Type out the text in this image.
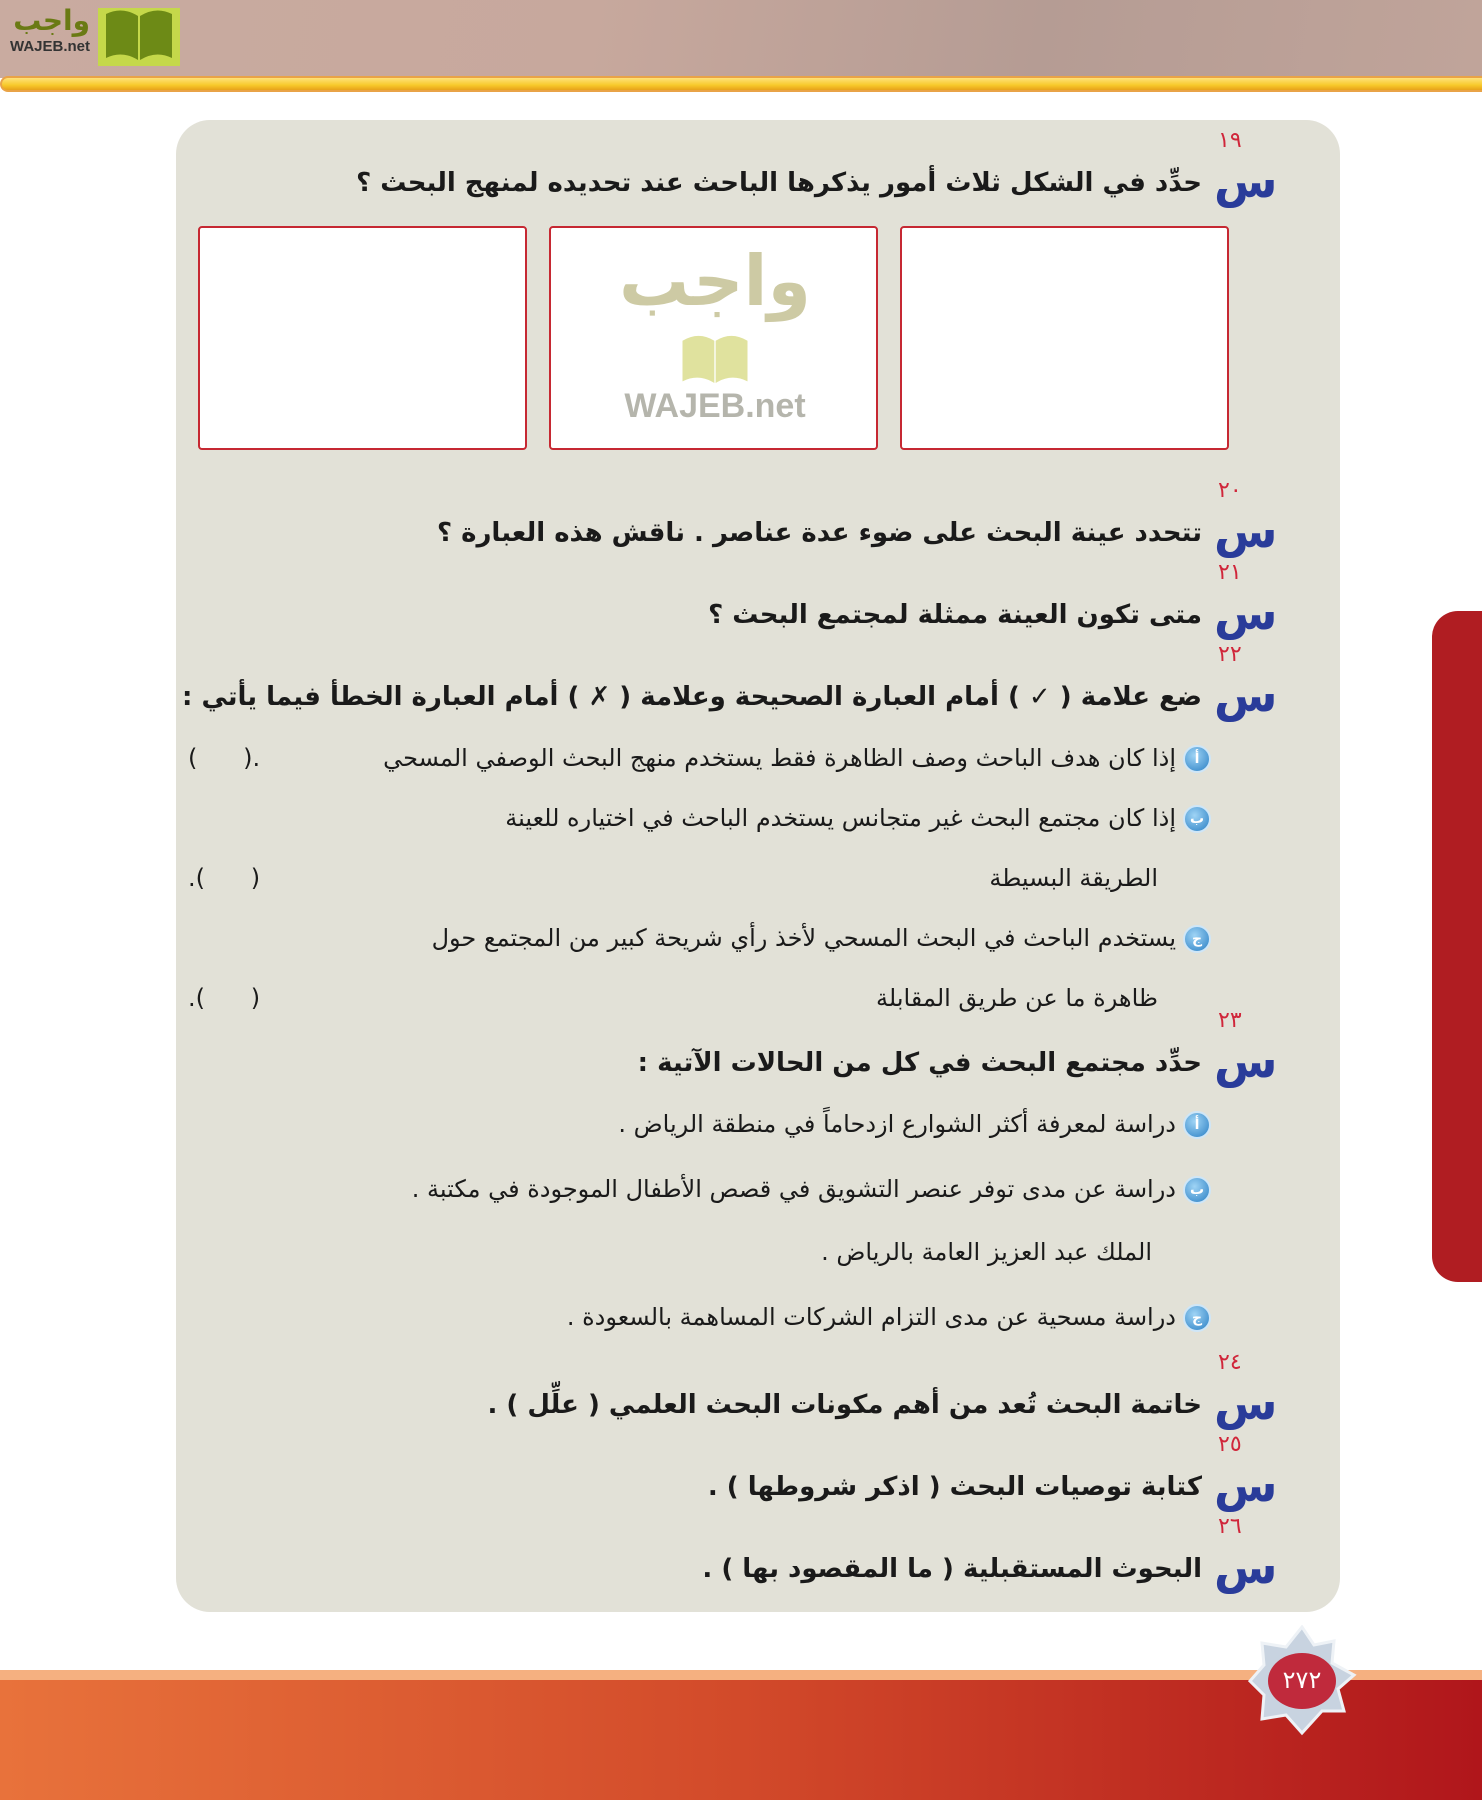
واجب
WAJEB.net
س
١٩
حدِّد في الشكل ثلاث أمور يذكرها الباحث عند تحديده لمنهج البحث ؟
واجب
WAJEB.net
س
٢٠
تتحدد عينة البحث على ضوء عدة عناصر . ناقش هذه العبارة ؟
س
٢١
متى تكون العينة ممثلة لمجتمع البحث ؟
س
٢٢
ضع علامة ( ✓ ) أمام العبارة الصحيحة وعلامة ( ✗ ) أمام العبارة الخطأ فيما يأتي :
أ
إذا كان هدف الباحث وصف الظاهرة فقط يستخدم منهج البحث الوصفي المسحي
(      ).
ب
إذا كان مجتمع البحث غير متجانس يستخدم الباحث في اختياره للعينة
الطريقة البسيطة
.(      )
ج
يستخدم الباحث في البحث المسحي لأخذ رأي شريحة كبير من المجتمع حول
ظاهرة ما عن طريق المقابلة
.(      )
س
٢٣
حدِّد مجتمع البحث في كل من الحالات الآتية :
أ
دراسة لمعرفة أكثر الشوارع ازدحاماً في منطقة الرياض .
ب
دراسة عن مدى توفر عنصر التشويق في قصص الأطفال الموجودة في مكتبة .
الملك عبد العزيز العامة بالرياض .
ج
دراسة مسحية عن مدى التزام الشركات المساهمة بالسعودة .
س
٢٤
خاتمة البحث تُعد من أهم مكونات البحث العلمي ( علِّل ) .
س
٢٥
كتابة توصيات البحث ( اذكر شروطها ) .
س
٢٦
البحوث المستقبلية ( ما المقصود بها ) .
٢٧٢
